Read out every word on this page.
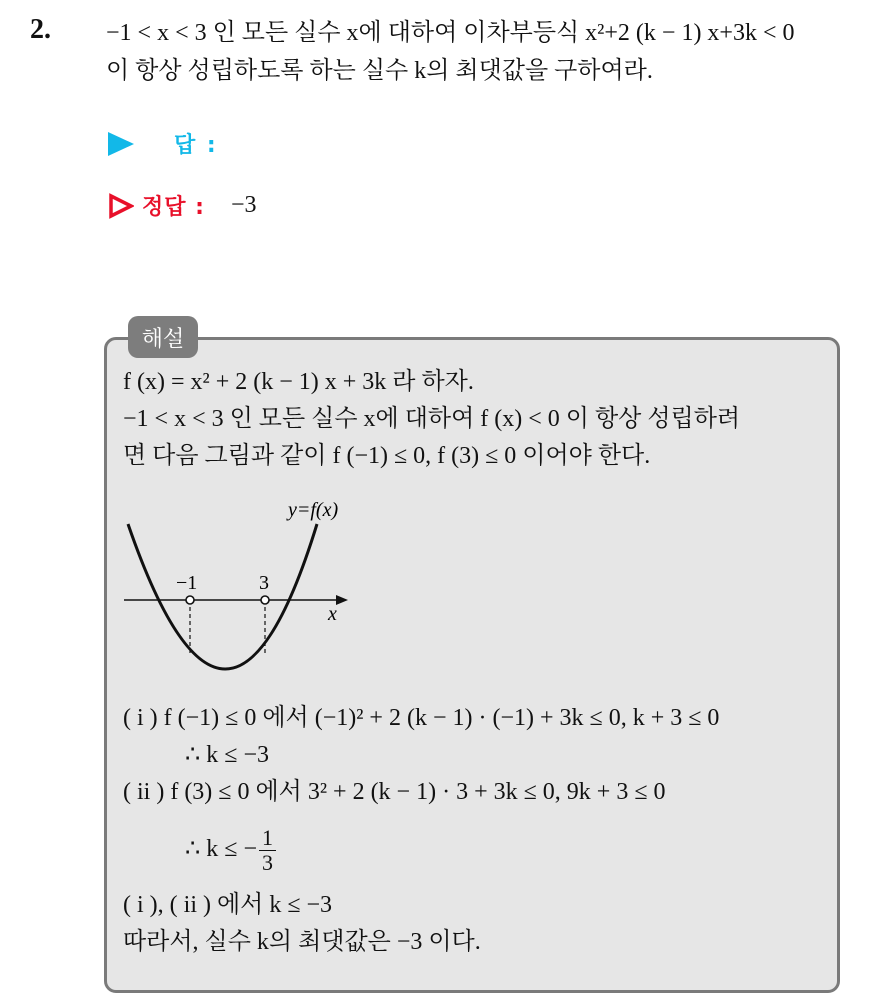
2. −1 < x < 3 인 모든 실수 x에 대하여 이차부등식 x²+2 (k − 1) x+3k < 0
이 항상 성립하도록 하는 실수 k의 최댓값을 구하여라.
답 :
정답 : −3
해설
f (x) = x² + 2 (k − 1) x + 3k 라 하자.
−1 < x < 3 인 모든 실수 x에 대하여 f (x) < 0 이 항상 성립하려
면 다음 그림과 같이 f (−1) ≤ 0, f (3) ≤ 0 이어야 한다.
y=f(x)
−1	3
x
( i ) f (−1) ≤ 0 에서 (−1)² + 2 (k − 1) · (−1) + 3k ≤ 0, k + 3 ≤ 0
∴ k ≤ −3
( ii ) f (3) ≤ 0 에서 3² + 2 (k − 1) · 3 + 3k ≤ 0, 9k + 3 ≤ 0
∴ k ≤ − $\frac{1}{3}$
( i ), ( ii ) 에서 k ≤ −3
따라서, 실수 k의 최댓값은 −3 이다.
